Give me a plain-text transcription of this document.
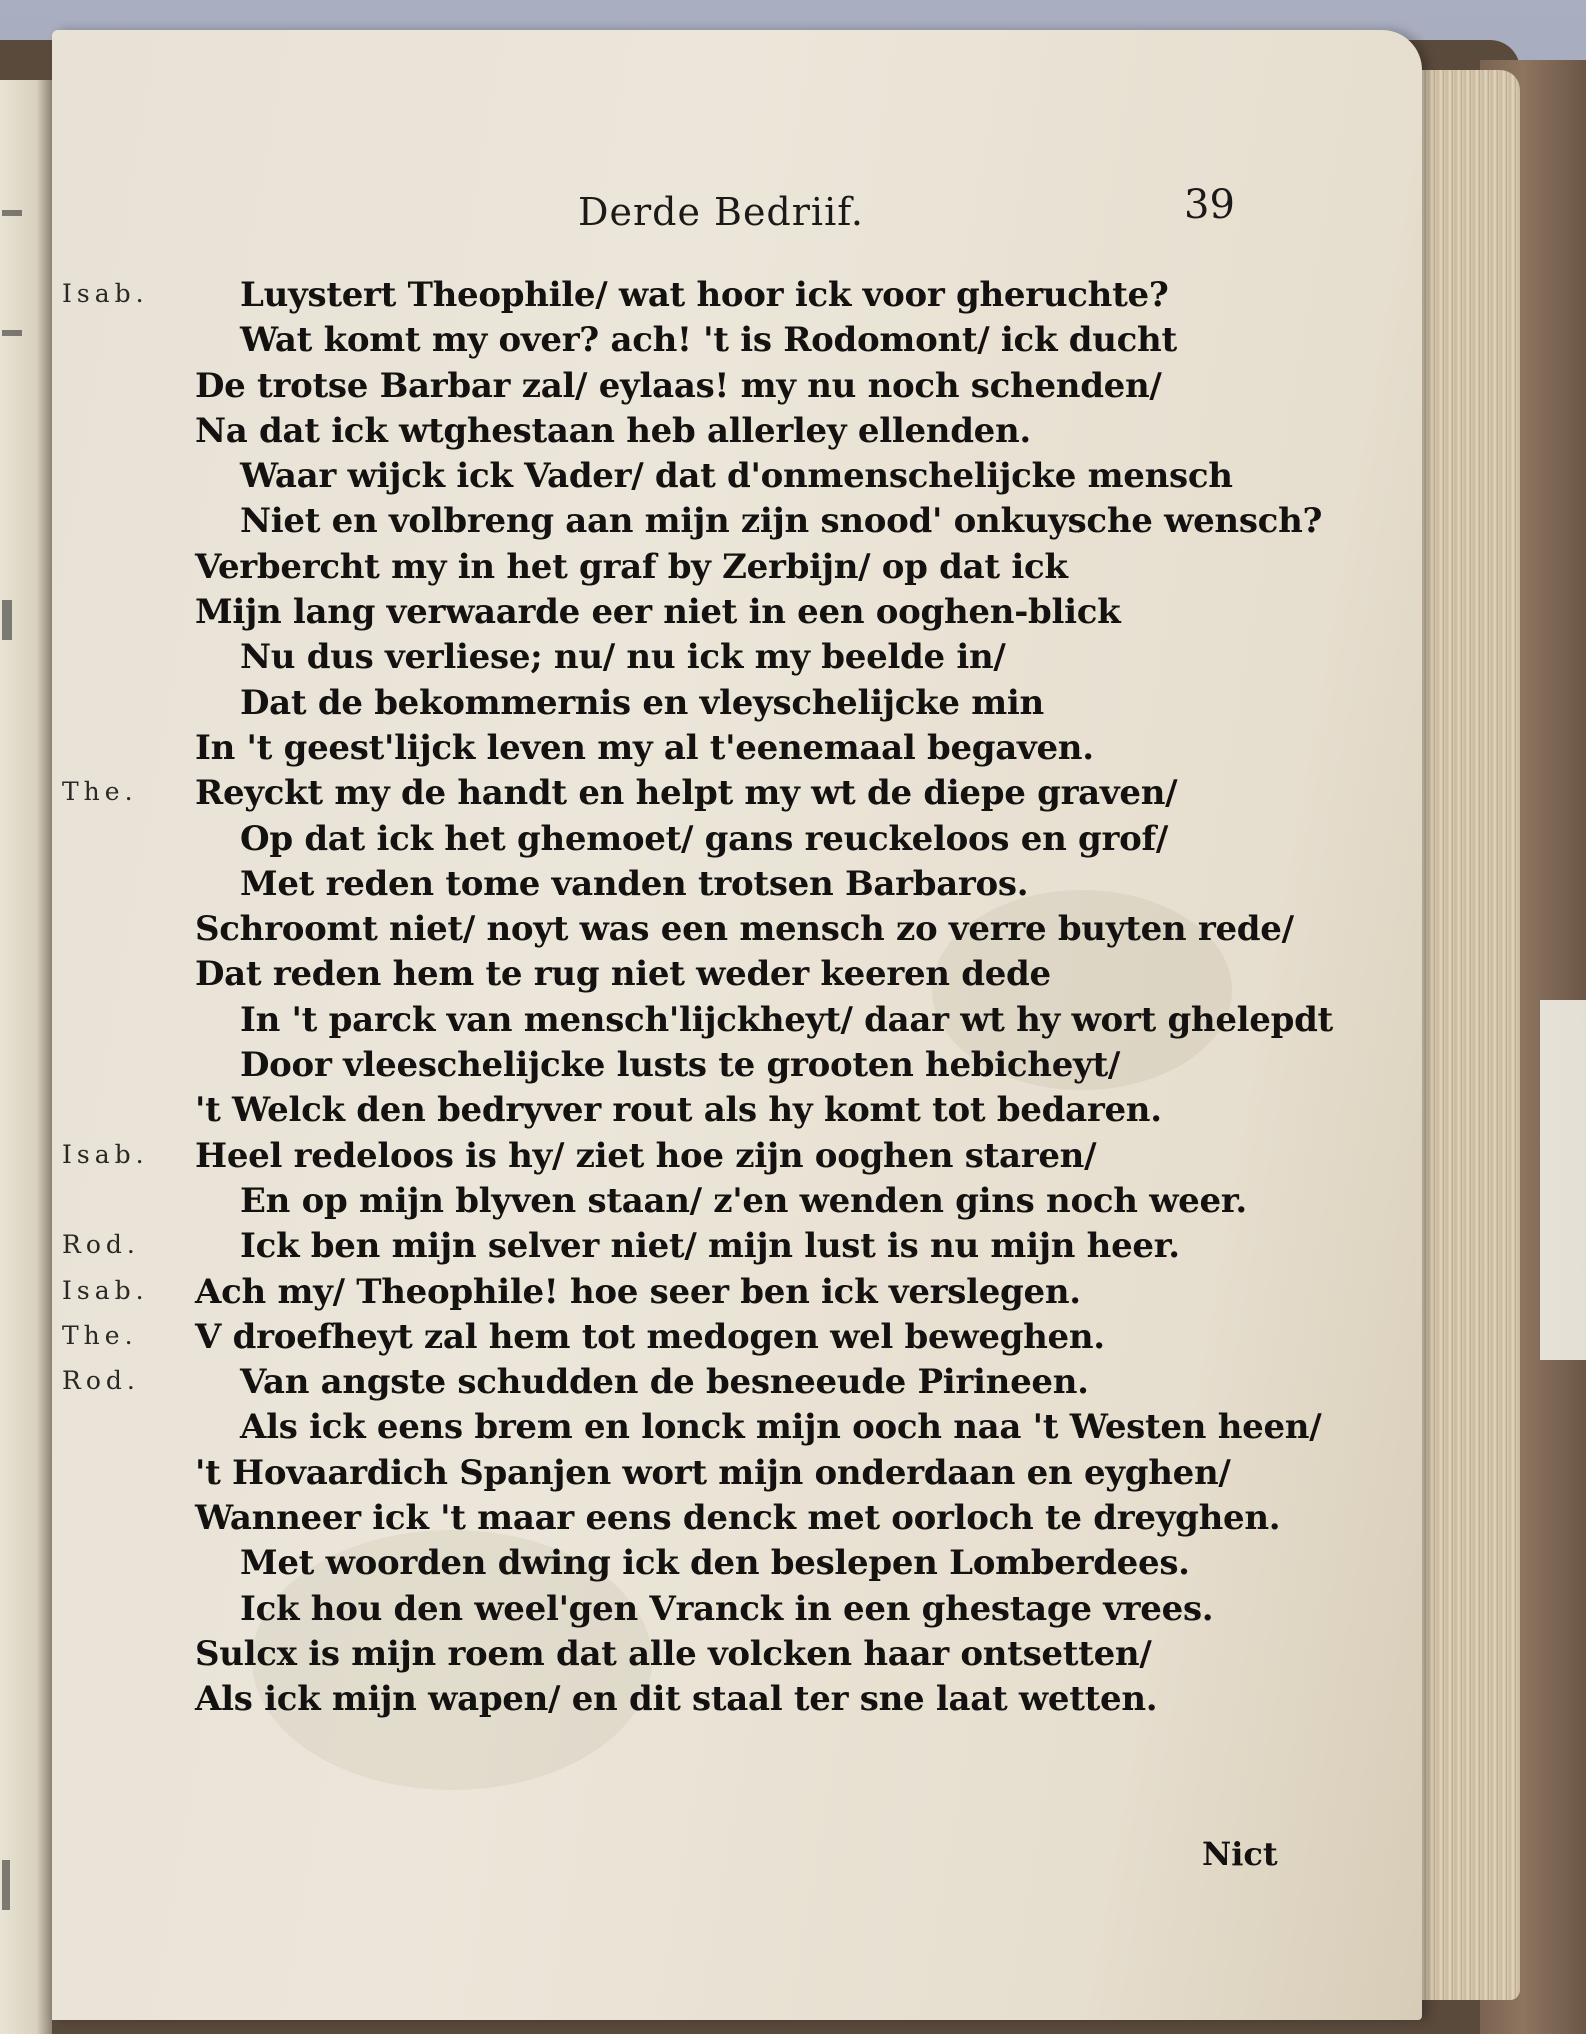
Derde Bedriif.	39
Isab.	Luystert Theophile/ wat hoor ick voor gheruchte?
Wat komt my over? ach! 't is Rodomont/ ick ducht
De trotse Barbar zal/ eylaas! my nu noch schenden/
Na dat ick wtghestaan heb allerley ellenden.
Waar wijck ick Vader/ dat d'onmenschelijcke mensch
Niet en volbreng aan mijn zijn snood' onkuysche wensch?
Verbercht my in het graf by Zerbijn/ op dat ick
Mijn lang verwaarde eer niet in een ooghen-blick
Nu dus verliese; nu/ nu ick my beelde in/
Dat de bekommernis en vleyschelijcke min
In 't geest'lijck leven my al t'eenemaal begaven.
The. Reyckt my de handt en helpt my wt de diepe graven/
Op dat ick het ghemoet/ gans reuckeloos en grof/
Met reden tome vanden trotsen Barbaros.
Schroomt niet/ noyt was een mensch zo verre buyten rede/
Dat reden hem te rug niet weder keeren dede
In 't parck van mensch'lijckheyt/ daar wt hy wort ghelepdt
Door vleeschelijcke lusts te grooten hebicheyt/
't Welck den bedryver rout als hy komt tot bedaren.
Isab. Heel redeloos is hy/ ziet hoe zijn ooghen staren/
En op mijn blyven staan/ z'en wenden gins noch weer.
Rod.	Ick ben mijn selver niet/ mijn lust is nu mijn heer.
Isab. Ach my/ Theophile! hoe seer ben ick verslegen.
The. V droefheyt zal hem tot medogen wel beweghen.
Rod.	Van angste schudden de besneeude Pirineen.
Als ick eens brem en lonck mijn ooch naa 't Westen heen/
't Hovaardich Spanjen wort mijn onderdaan en eyghen/
Wanneer ick 't maar eens denck met oorloch te dreyghen.
Met woorden dwing ick den beslepen Lomberdees.
Ick hou den weel'gen Vranck in een ghestage vrees.
Sulcx is mijn roem dat alle volcken haar ontsetten/
Als ick mijn wapen/ en dit staal ter sne laat wetten.
Nict
